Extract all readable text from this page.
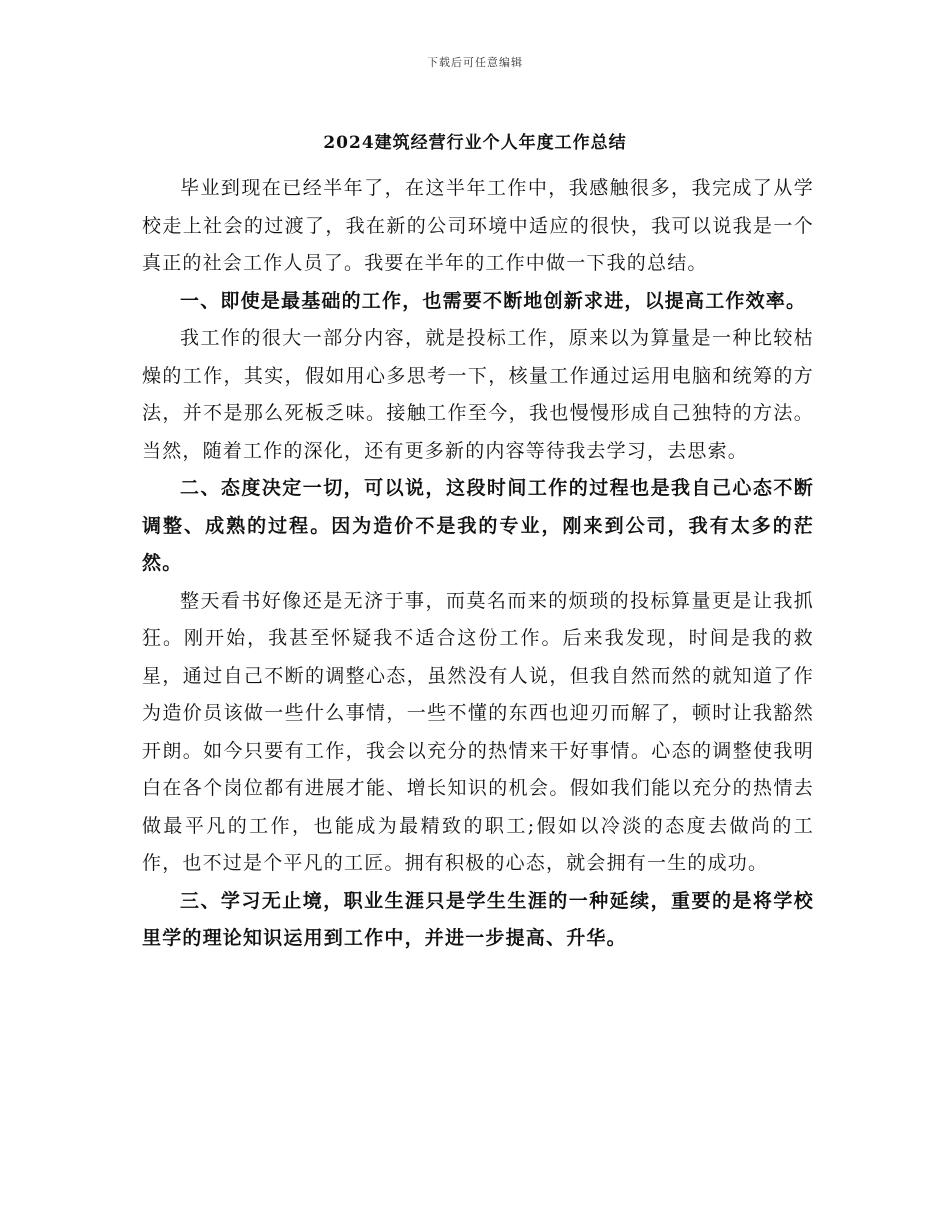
下载后可任意编辑
2024建筑经营行业个人年度工作总结

毕业到现在已经半年了，在这半年工作中，我感触很多，我完成了从学校走上社会的过渡了，我在新的公司环境中适应的很快，我可以说我是一个真正的社会工作人员了。我要在半年的工作中做一下我的总结。

一、即使是最基础的工作，也需要不断地创新求进，以提高工作效率。

我工作的很大一部分内容，就是投标工作，原来以为算量是一种比较枯燥的工作，其实，假如用心多思考一下，核量工作通过运用电脑和统筹的方法，并不是那么死板乏味。接触工作至今，我也慢慢形成自己独特的方法。当然，随着工作的深化，还有更多新的内容等待我去学习，去思索。

二、态度决定一切，可以说，这段时间工作的过程也是我自己心态不断调整、成熟的过程。因为造价不是我的专业，刚来到公司，我有太多的茫然。

整天看书好像还是无济于事，而莫名而来的烦琐的投标算量更是让我抓狂。刚开始，我甚至怀疑我不适合这份工作。后来我发现，时间是我的救星，通过自己不断的调整心态，虽然没有人说，但我自然而然的就知道了作为造价员该做一些什么事情，一些不懂的东西也迎刃而解了，顿时让我豁然开朗。如今只要有工作，我会以充分的热情来干好事情。心态的调整使我明白在各个岗位都有进展才能、增长知识的机会。假如我们能以充分的热情去做最平凡的工作，也能成为最精致的职工;假如以冷淡的态度去做尚的工作，也不过是个平凡的工匠。拥有积极的心态，就会拥有一生的成功。

三、学习无止境，职业生涯只是学生生涯的一种延续，重要的是将学校里学的理论知识运用到工作中，并进一步提高、升华。
